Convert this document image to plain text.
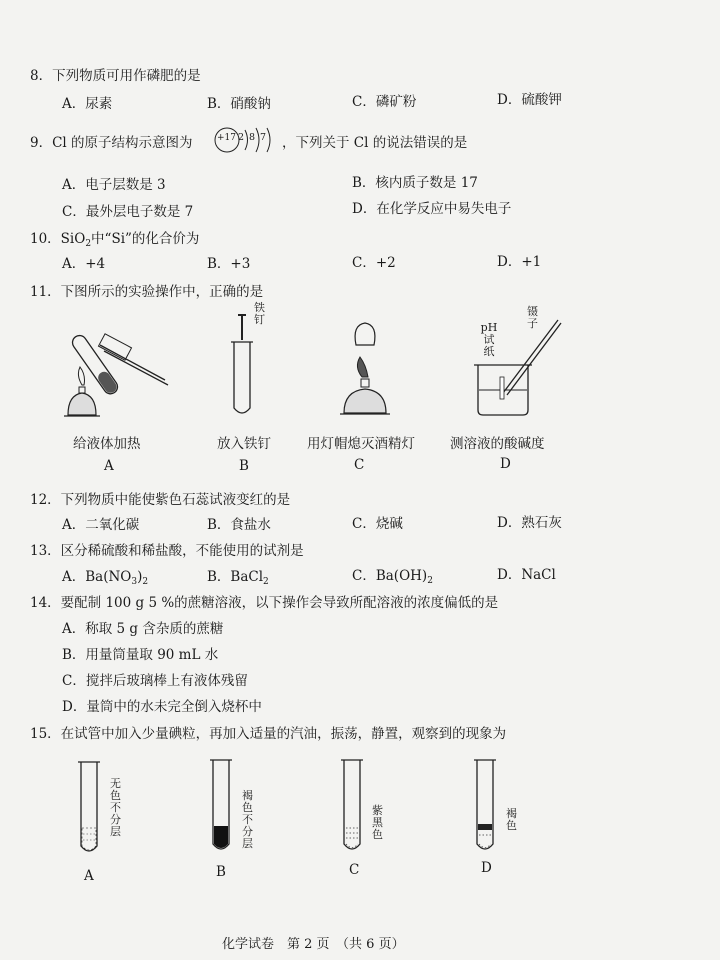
8．下列物质可用作磷肥的是
A．尿素	B．硝酸钠	C．磷矿粉	D．硫酸钾
9．Cl 的原子结构示意图为	+17 2 8 7 ，下列关于 Cl 的说法错误的是
A．电子层数是 3	B．核内质子数是 17
C．最外层电子数是 7	D．在化学反应中易失电子
10．SiO$_2$中“Si”的化合价为
A．+4	B．+3	C．+2	D．+1
11．下图所示的实验操作中，正确的是
给液体加热
A
铁钉
放入铁钉
B
用灯帽熄灭酒精灯
C
pH
试
纸
镊子
测溶液的酸碱度
D
12．下列物质中能使紫色石蕊试液变红的是
A．二氧化碳	B．食盐水	C．烧碱	D．熟石灰
13．区分稀硫酸和稀盐酸，不能使用的试剂是
A．$Ba(NO_3)_2$	B．BaCl$_2$	C．$Ba(OH)_2$	D．NaCl
14．要配制 100 g 5 %的蔗糖溶液，以下操作会导致所配溶液的浓度偏低的是
A．称取 5 g 含杂质的蔗糖
B．用量筒量取 90 mL 水
C．搅拌后玻璃棒上有液体残留
D．量筒中的水未完全倒入烧杯中
15．在试管中加入少量碘粒，再加入适量的汽油，振荡，静置，观察到的现象为
无色不分层
A
褐色不分层
B
紫黑色
C
褐色
D
化学试卷　第 2 页　（共 6 页）
